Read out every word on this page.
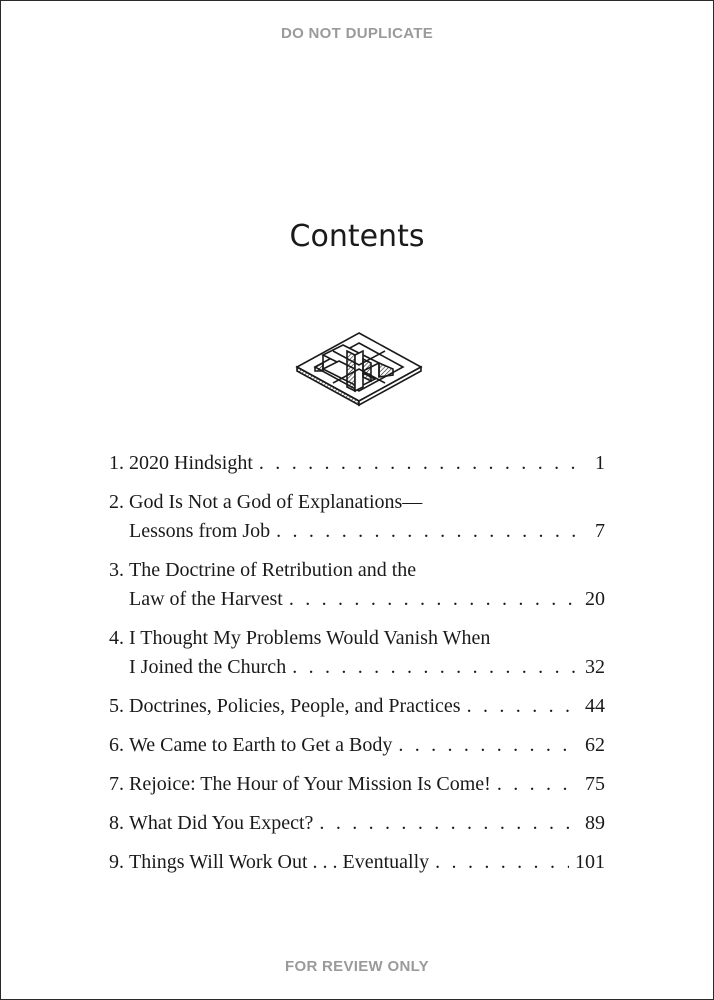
DO NOT DUPLICATE
Contents
1. 2020 Hindsight . . .	1
2. God Is Not a God of Explanations—
Lessons from Job . . .	7
3. The Doctrine of Retribution and the
Law of the Harvest . . .	20
4. I Thought My Problems Would Vanish When
I Joined the Church . . .	32
5. Doctrines, Policies, People, and Practices . . .	44
6. We Came to Earth to Get a Body . . .	62
7. Rejoice: The Hour of Your Mission Is Come! . . .	75
8. What Did You Expect? . . .	89
9. Things Will Work Out . . . Eventually . . .	101
FOR REVIEW ONLY
